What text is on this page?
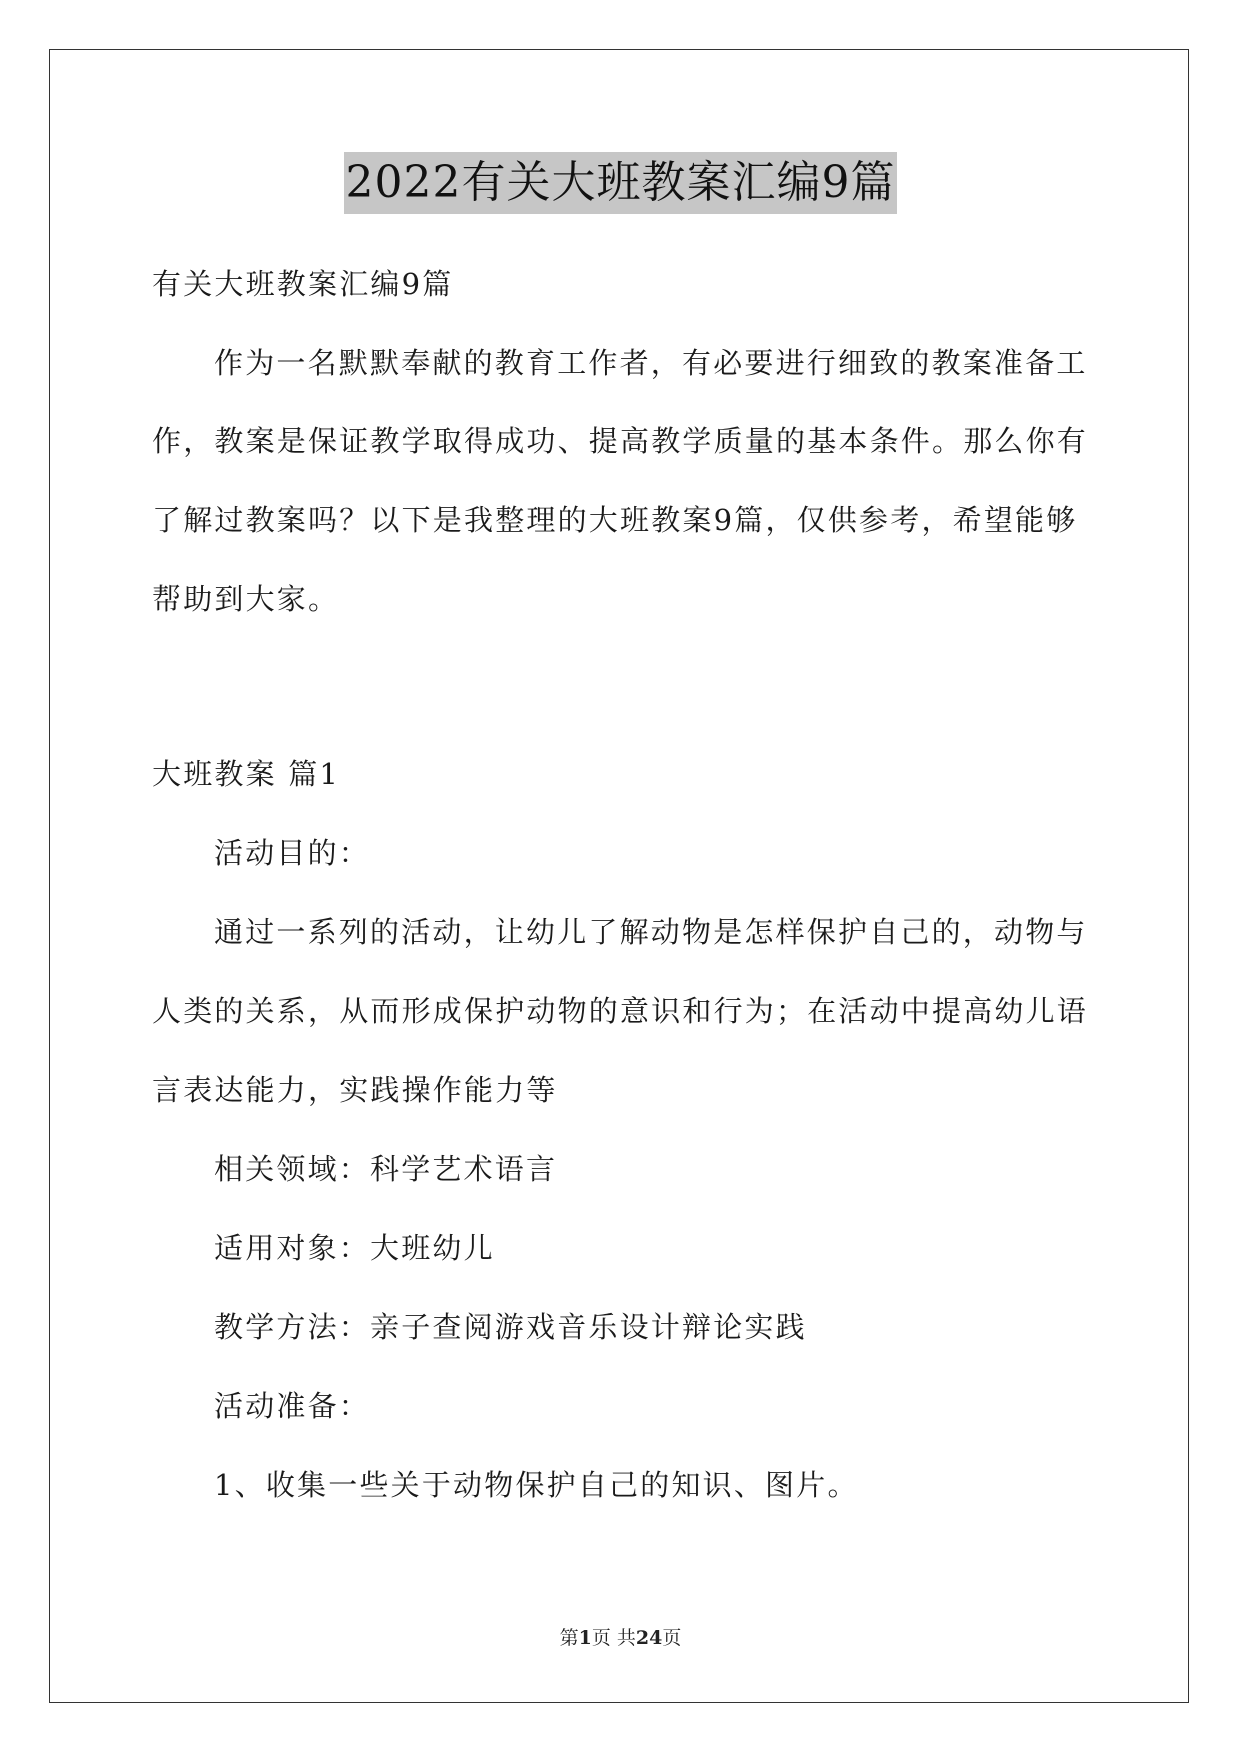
2022有关大班教案汇编9篇
有关大班教案汇编9篇
作为一名默默奉献的教育工作者，有必要进行细致的教案准备工
作，教案是保证教学取得成功、提高教学质量的基本条件。那么你有
了解过教案吗？以下是我整理的大班教案9篇，仅供参考，希望能够
帮助到大家。
大班教案 篇1
活动目的：
通过一系列的活动，让幼儿了解动物是怎样保护自己的，动物与
人类的关系，从而形成保护动物的意识和行为；在活动中提高幼儿语
言表达能力，实践操作能力等
相关领域：科学艺术语言
适用对象：大班幼儿
教学方法：亲子查阅游戏音乐设计辩论实践
活动准备：
1、收集一些关于动物保护自己的知识、图片。
第1页 共24页
